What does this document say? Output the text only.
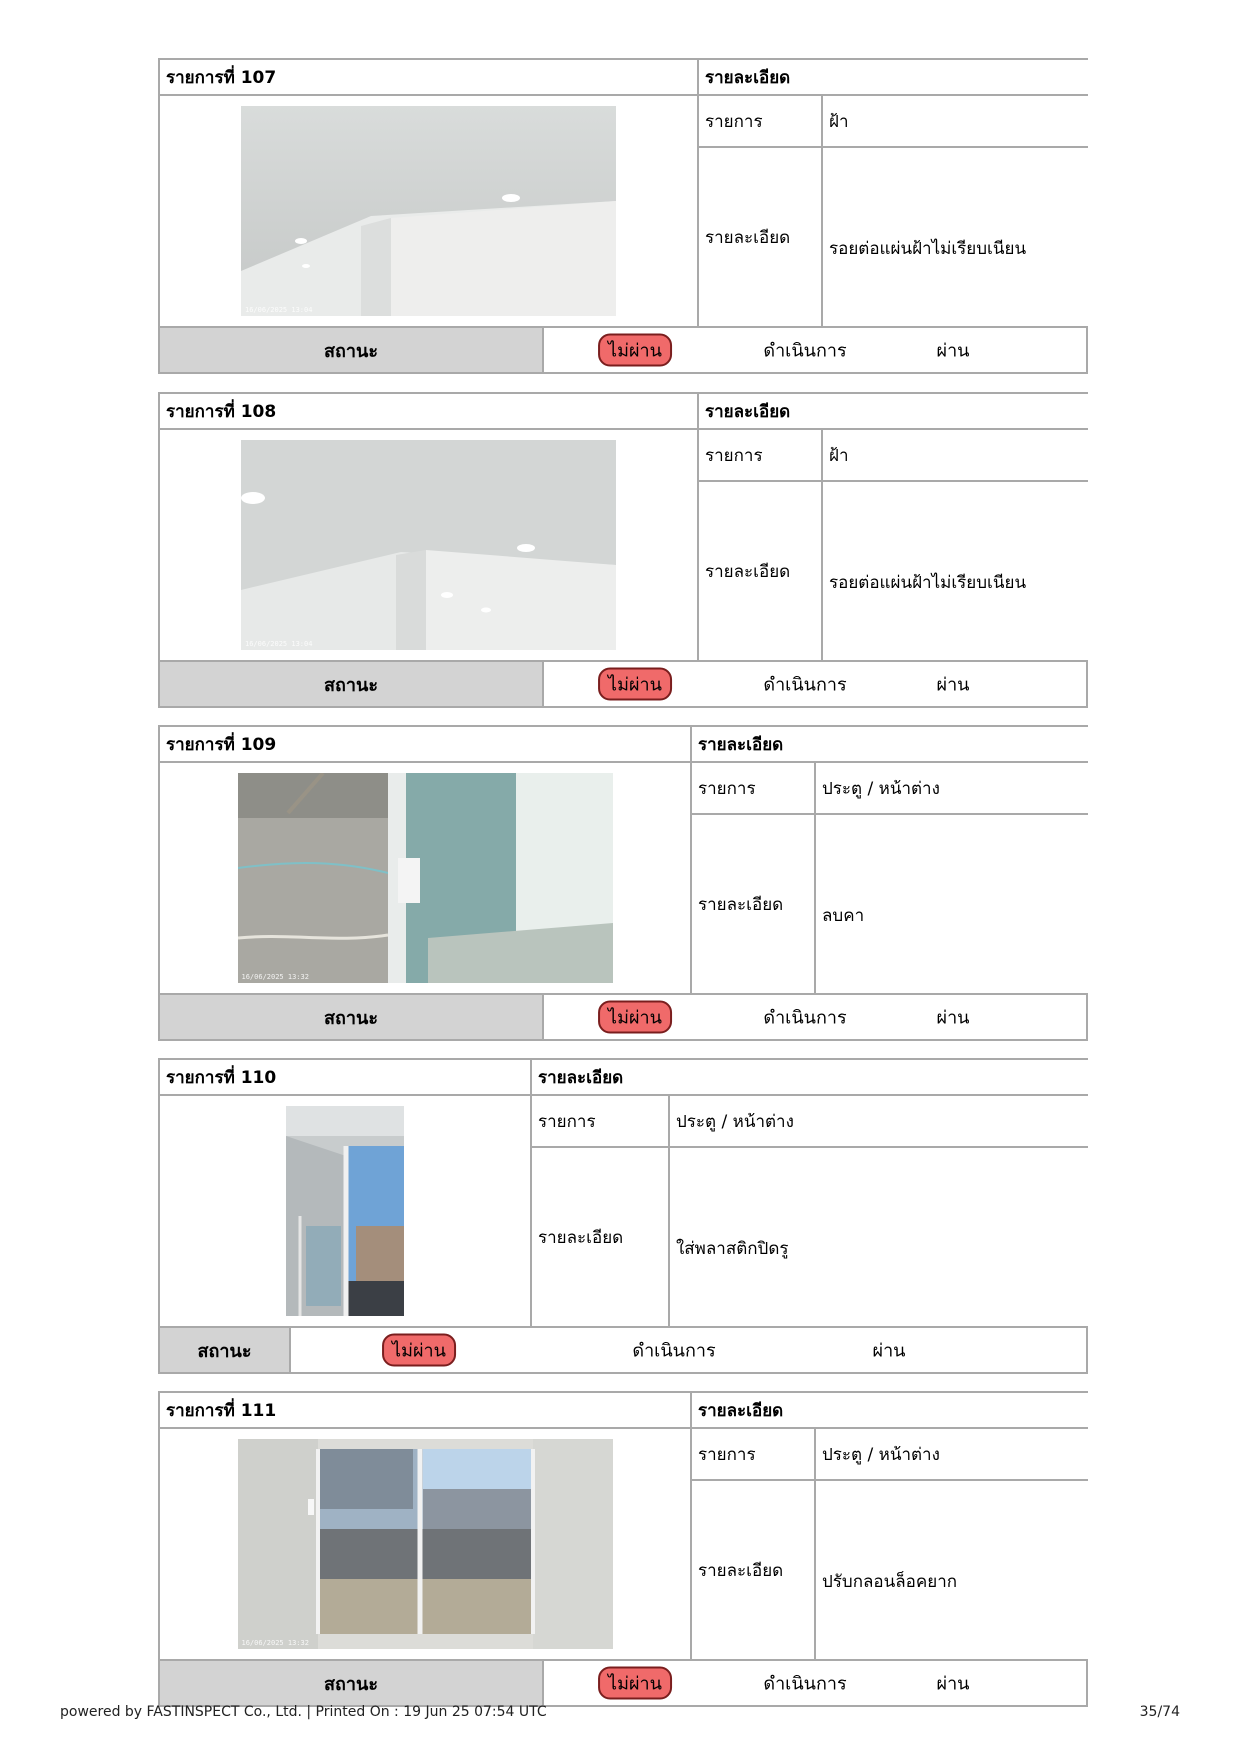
รายการที่ 107	รายละเอียด
16/06/2025 13:04
รายการ	ฝ้า
รายละเอียด
รอยต่อแผ่นฝ้าไม่เรียบเนียน
สถานะ	ไม่ผ่าน	ดำเนินการ	ผ่าน
รายการที่ 108	รายละเอียด
16/06/2025 13:04
รายการ	ฝ้า
รายละเอียด
รอยต่อแผ่นฝ้าไม่เรียบเนียน
สถานะ	ไม่ผ่าน	ดำเนินการ	ผ่าน
รายการที่ 109	รายละเอียด
16/06/2025 13:32
รายการ	ประตู / หน้าต่าง
รายละเอียด
ลบคา
สถานะ	ไม่ผ่าน	ดำเนินการ	ผ่าน
รายการที่ 110	รายละเอียด
รายการ	ประตู / หน้าต่าง
รายละเอียด
ใส่พลาสติกปิดรู
สถานะ	ไม่ผ่าน	ดำเนินการ	ผ่าน
รายการที่ 111	รายละเอียด
16/06/2025 13:32
รายการ	ประตู / หน้าต่าง
รายละเอียด
ปรับกลอนล็อคยาก
สถานะ	ไม่ผ่าน	ดำเนินการ	ผ่าน
powered by FASTINSPECT Co., Ltd. | Printed On : 19 Jun 25 07:54 UTC	35/74
